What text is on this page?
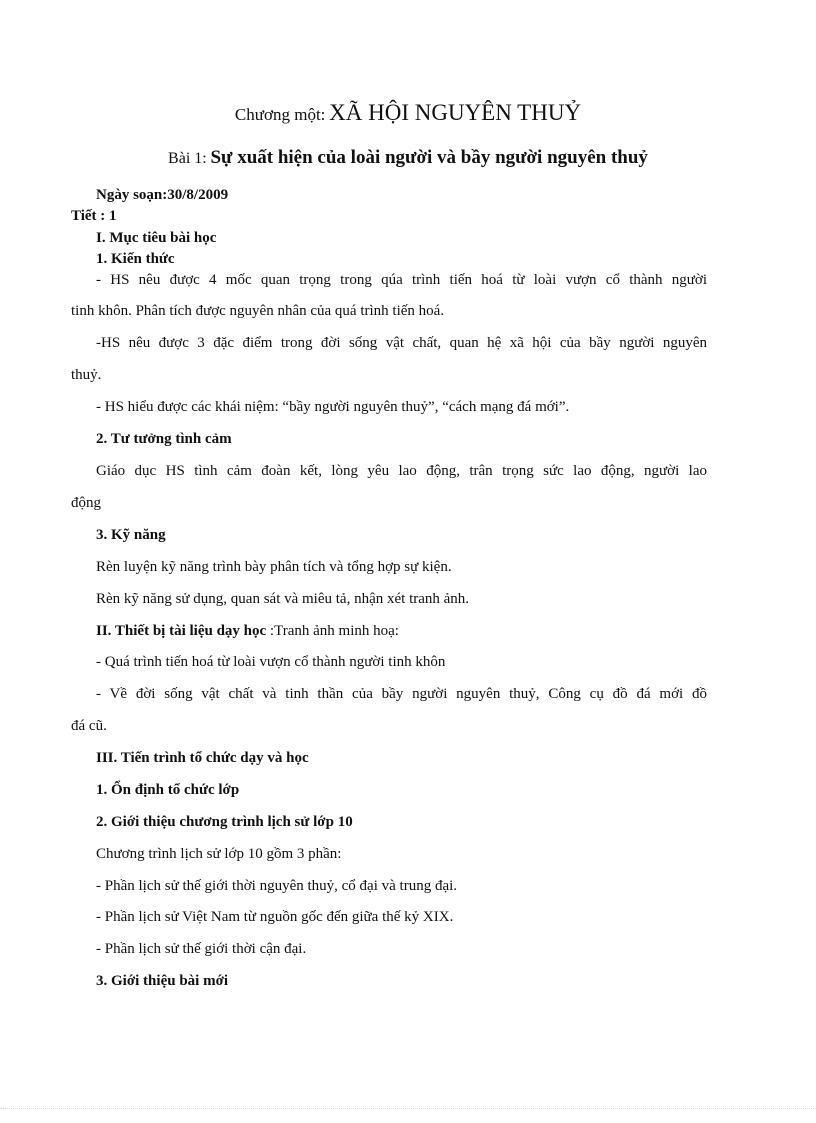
Chương một: XÃ HỘI NGUYÊN THUỶ
Bài 1: Sự xuất hiện của loài người và bầy người nguyên thuỷ
Ngày soạn:30/8/2009
Tiết : 1
I. Mục tiêu bài học
1. Kiến thức
- HS nêu được 4 mốc quan trọng trong qúa trình tiến hoá từ loài vượn cổ thành người
tinh khôn. Phân tích được nguyên nhân của quá trình tiến hoá.
-HS nêu được 3 đặc điểm trong đời sống vật chất, quan hệ xã hội của bầy người nguyên
thuỷ.
- HS hiểu được các khái niệm: “bầy người nguyên thuỷ”, “cách mạng đá mới”.
2. Tư tưởng tình cảm
Giáo dục HS tình cảm đoàn kết, lòng yêu lao động, trân trọng sức lao động, người lao
động
3. Kỹ năng
Rèn luyện kỹ năng trình bày phân tích và tổng hợp sự kiện.
Rèn kỹ năng sử dụng, quan sát và miêu tả, nhận xét tranh ảnh.
II. Thiết bị tài liệu dạy học :Tranh ảnh minh hoạ:
- Quá trình tiến hoá từ loài vượn cổ thành người tinh khôn
- Về đời sống vật chất và tinh thần của bầy người nguyên thuỷ, Công cụ đồ đá mới đồ
đá cũ.
III. Tiến trình tổ chức dạy và học
1. Ổn định tổ chức lớp
2. Giới thiệu chương trình lịch sử lớp 10
Chương trình lịch sử lớp 10 gồm 3 phần:
- Phần lịch sử thế giới thời nguyên thuỷ, cổ đại và trung đại.
- Phần lịch sử Việt Nam từ nguồn gốc đến giữa thế kỷ XIX.
- Phần lịch sử thế giới thời cận đại.
3. Giới thiệu bài mới
